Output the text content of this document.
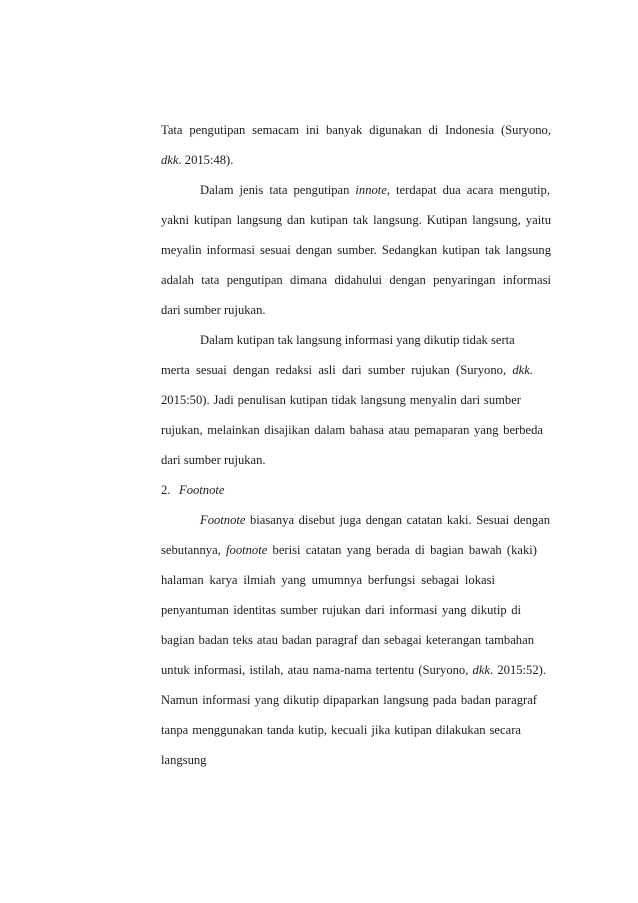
Tata pengutipan semacam ini banyak digunakan di Indonesia (Suryono,
dkk. 2015:48).
Dalam jenis tata pengutipan innote, terdapat dua acara mengutip,
yakni kutipan langsung dan kutipan tak langsung. Kutipan langsung, yaitu
meyalin informasi sesuai dengan sumber. Sedangkan kutipan tak langsung
adalah tata pengutipan dimana didahului dengan penyaringan informasi
dari sumber rujukan.
Dalam kutipan tak langsung informasi yang dikutip tidak serta
merta sesuai dengan redaksi asli dari sumber rujukan (Suryono, dkk.
2015:50). Jadi penulisan kutipan tidak langsung menyalin dari sumber
rujukan, melainkan disajikan dalam bahasa atau pemaparan yang berbeda
dari sumber rujukan.
2. Footnote
Footnote biasanya disebut juga dengan catatan kaki. Sesuai dengan
sebutannya, footnote berisi catatan yang berada di bagian bawah (kaki)
halaman karya ilmiah yang umumnya berfungsi sebagai lokasi
penyantuman identitas sumber rujukan dari informasi yang dikutip di
bagian badan teks atau badan paragraf dan sebagai keterangan tambahan
untuk informasi, istilah, atau nama-nama tertentu (Suryono, dkk. 2015:52).
Namun informasi yang dikutip dipaparkan langsung pada badan paragraf
tanpa menggunakan tanda kutip, kecuali jika kutipan dilakukan secara
langsung
